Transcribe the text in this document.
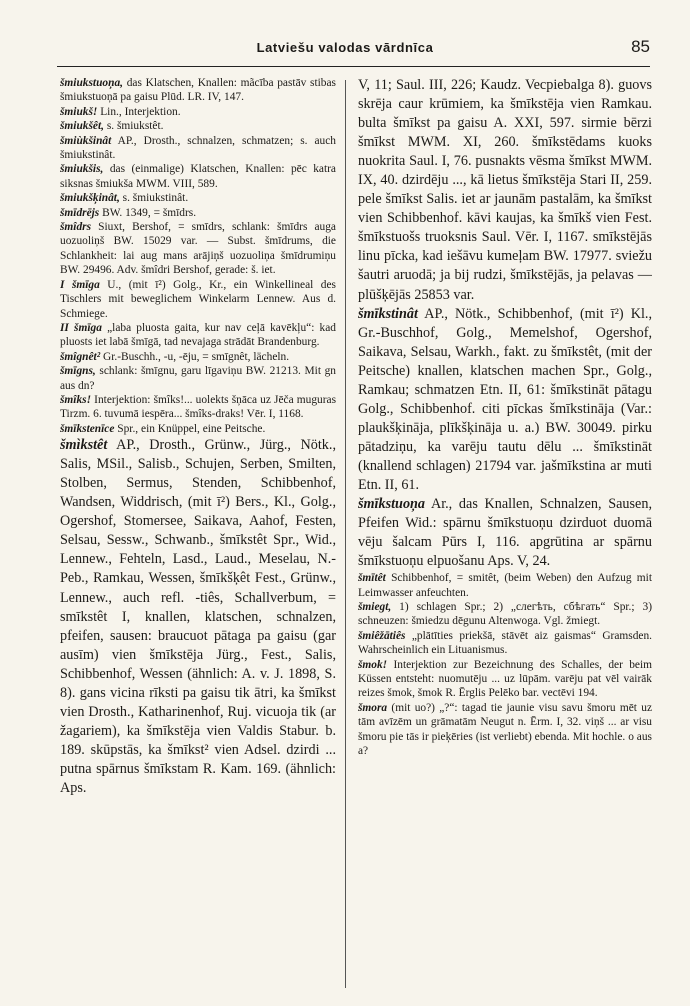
Latviešu valodas vārdnīca	85
šmiukstuoņa, das Klatschen, Knallen: mãcība pastāv stibas šmiukstuoņā pa gaisu Plūd. LR. IV, 147.
šmiukš! Lin., Interjektion.
šmiukšêt, s. šmiukstêt.
šmiùkšinât AP., Drosth., schnalzen, schmatzen; s. auch šmiukstinât.
šmiukšis, das (einmalige) Klatschen, Knallen: pēc katra siksnas šmiukša MWM. VIII, 589.
šmiukšķinât, s. šmiukstinât.
šmīdrējs BW. 1349, = šmīdrs.
šmîdrs Siuxt, Bershof, = smīdrs, schlank: šmīdrs auga uozuoliņš BW. 15029 var. — Subst. šmīdrums, die Schlankheit: lai aug mans arājiņš uozuoliņa šmīdrumiņu BW. 29496. Adv. šmîdri Bershof, gerade: š. iet.
I šmīga U., (mit ī²) Golg., Kr., ein Winkellineal des Tischlers mit beweglichem Winkelarm Lennew. Aus d. Schmiege.
II šmīga „laba pluosta gaita, kur nav ceļā kavēkļu“: kad pluosts iet labā šmīgā, tad nevajaga strādāt Brandenburg.
šmîgnêt² Gr.-Buschh., -u, -ēju, = smīgnêt, lächeln.
šmīgns, schlank: šmīgnu, garu līgaviņu BW. 21213. Mit gn aus dn?
šmîks! Interjektion: šmîks!... uolekts šņāca uz Jēča muguras Tirzm. 6. tuvumā iespēra... šmîks-draks! Vēr. I, 1168.
šmīkstenīce Spr., ein Knüppel, eine Peitsche.
šmìkstêt AP., Drosth., Grünw., Jürg., Nötk., Salis, MSil., Salisb., Schujen, Serben, Smilten, Stolben, Sermus, Stenden, Schibbenhof, Wandsen, Widdrisch, (mit ī²) Bers., Kl., Golg., Ogershof, Stomersee, Saikava, Aahof, Festen, Selsau, Sessw., Schwanb., šmīkstêt Spr., Wid., Lennew., Fehteln, Lasd., Laud., Meselau, N.-Peb., Ramkau, Wessen, šmīkšķêt Fest., Grünw., Lennew., auch refl. -tiês, Schallverbum, = smīkstêt I, knallen, klatschen, schnalzen, pfeifen, sausen: braucuot pātaga pa gaisu (gar ausīm) vien šmīkstēja Jürg., Fest., Salis, Schibbenhof, Wessen (ähnlich: A. v. J. 1898, S. 8). gans vicina rīksti pa gaisu tik ātri, ka šmīkst vien Drosth., Katharinenhof, Ruj. vicuoja tik (ar žagariem), ka šmīkstēja vien Valdis Stabur. b. 189. skūpstās, ka šmīkst² vien Adsel. dzirdi ... putna spārnus šmīkstam R. Kam. 169. (ähnlich: Aps.
V, 11; Saul. III, 226; Kaudz. Vecpiebalga 8). guovs skrēja caur krūmiem, ka šmīkstēja vien Ramkau. bulta šmīkst pa gaisu A. XXI, 597. sirmie bērzi šmīkst MWM. XI, 260. šmīkstēdams kuoks nuokrita Saul. I, 76. pusnakts vēsma šmīkst MWM. IX, 40. dzirdēju ..., kā lietus šmīkstēja Stari II, 259. pele šmīkst Salis. iet ar jaunām pastalām, ka šmīkst vien Schibbenhof. kāvi kaujas, ka šmīkš vien Fest. šmīkstuošs truoksnis Saul. Vēr. I, 1167. smīkstējās linu pīcka, kad iešāvu kumeļam BW. 17977. sviežu šautri aruodā; ja bij rudzi, šmīkstējās, ja pelavas — plūšķējās 25853 var.
šmīkstinât AP., Nötk., Schibbenhof, (mit ī²) Kl., Gr.-Buschhof, Golg., Memelshof, Ogershof, Saikava, Selsau, Warkh., fakt. zu šmīkstêt, (mit der Peitsche) knallen, klatschen machen Spr., Golg., Ramkau; schmatzen Etn. II, 61: šmīkstināt pātagu Golg., Schibbenhof. citi pīckas šmīkstināja (Var.: plaukšķināja, plīkšķināja u. a.) BW. 30049. pirku pātadziņu, ka varēju tautu dēlu ... šmīkstināt (knallend schlagen) 21794 var. jašmīkstina ar muti Etn. II, 61.
šmīkstuoņa Ar., das Knallen, Schnalzen, Sausen, Pfeifen Wid.: spārnu šmīkstuoņu dzirduot duomā vēju šalcam Pūrs I, 116. apgrūtina ar spārnu šmīkstuoņu elpuošanu Aps. V, 24.
šmītêt Schibbenhof, = smitêt, (beim Weben) den Aufzug mit Leimwasser anfeuchten.
šmiegt, 1) schlagen Spr.; 2) „слегѣть, сбѣгать“ Spr.; 3) schneuzen: šmiedzu dēgunu Altenwoga. Vgl. žmiegt.
šmiêžātiês „plātīties priekšā, stāvēt aiz gaismas“ Gramsden. Wahrscheinlich ein Lituanismus.
šmok! Interjektion zur Bezeichnung des Schalles, der beim Küssen entsteht: nuomutēju ... uz lūpām. varēju pat vēl vairāk reizes šmok, šmok R. Ērglis Pelēko bar. vectēvi 194.
šmora (mit uo?) „?“: tagad tie jaunie visu savu šmoru mēt uz tām avīzēm un grāmatām Neugut n. Ērm. I, 32. viņš ... ar visu šmoru pie tās ir pieķēries (ist verliebt) ebenda. Mit hochle. o aus a?
